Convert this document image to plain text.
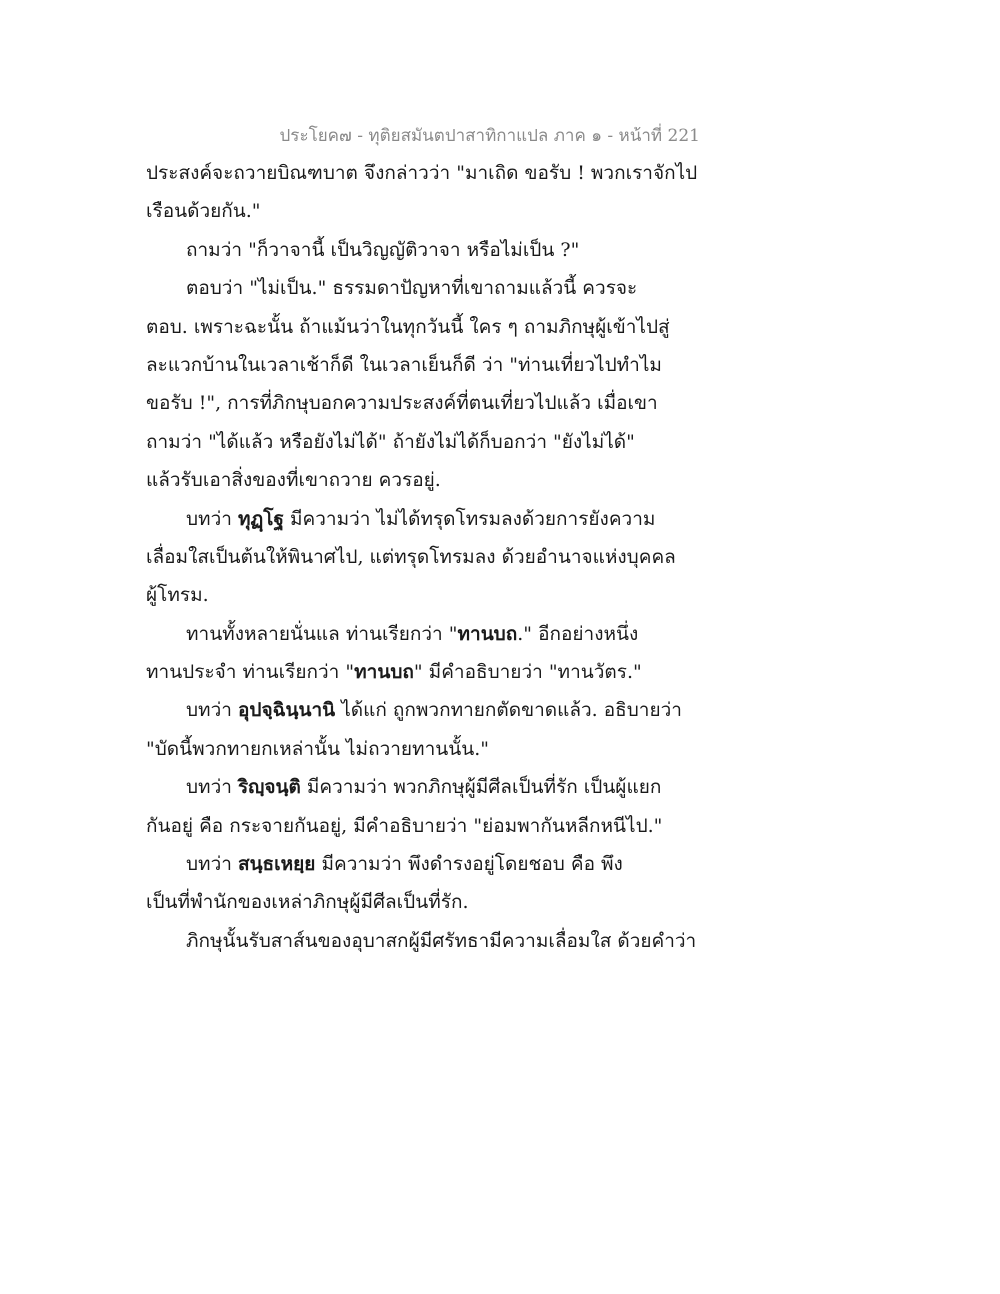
ประโยค๗ - ทุติยสมันตปาสาทิกาแปล ภาค ๑ - หน้าที่ 221
ประสงค์จะถวายบิณฑบาต จึงกล่าวว่า "มาเถิด ขอรับ ! พวกเราจักไป
เรือนด้วยกัน."
ถามว่า "ก็วาจานี้ เป็นวิญญัติวาจา หรือไม่เป็น ?"
ตอบว่า "ไม่เป็น." ธรรมดาปัญหาที่เขาถามแล้วนี้ ควรจะ
ตอบ. เพราะฉะนั้น ถ้าแม้นว่าในทุกวันนี้ ใคร ๆ ถามภิกษุผู้เข้าไปสู่
ละแวกบ้านในเวลาเช้าก็ดี ในเวลาเย็นก็ดี ว่า "ท่านเที่ยวไปทำไม
ขอรับ !", การที่ภิกษุบอกความประสงค์ที่ตนเที่ยวไปแล้ว เมื่อเขา
ถามว่า "ได้แล้ว หรือยังไม่ได้" ถ้ายังไม่ได้ก็บอกว่า "ยังไม่ได้"
แล้วรับเอาสิ่งของที่เขาถวาย ควรอยู่.
บทว่า ทุฏฺโฐ มีความว่า ไม่ได้ทรุดโทรมลงด้วยการยังความ
เลื่อมใสเป็นต้นให้พินาศไป, แต่ทรุดโทรมลง ด้วยอำนาจแห่งบุคคล
ผู้โทรม.
ทานทั้งหลายนั่นแล ท่านเรียกว่า "ทานบถ." อีกอย่างหนึ่ง
ทานประจำ ท่านเรียกว่า "ทานบถ" มีคำอธิบายว่า "ทานวัตร."
บทว่า อุปจฺฉินฺนานิ ได้แก่ ถูกพวกทายกตัดขาดแล้ว. อธิบายว่า
"บัดนี้พวกทายกเหล่านั้น ไม่ถวายทานนั้น."
บทว่า ริญฺจนฺติ มีความว่า พวกภิกษุผู้มีศีลเป็นที่รัก เป็นผู้แยก
กันอยู่ คือ กระจายกันอยู่, มีคำอธิบายว่า "ย่อมพากันหลีกหนีไป."
บทว่า สนฺธเหยฺย มีความว่า พึงดำรงอยู่โดยชอบ คือ พึง
เป็นที่พำนักของเหล่าภิกษุผู้มีศีลเป็นที่รัก.
ภิกษุนั้นรับสาส์นของอุบาสกผู้มีศรัทธามีความเลื่อมใส ด้วยคำว่า
